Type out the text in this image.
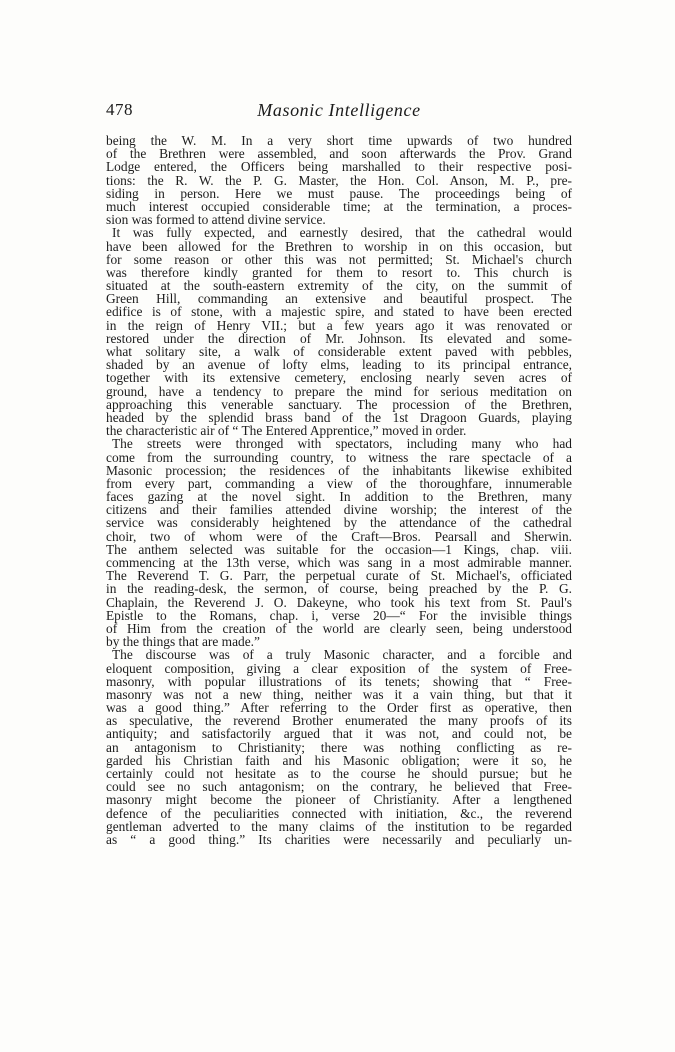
478	Masonic Intelligence
being the W. M. In a very short time upwards of two hundred
of the Brethren were assembled, and soon afterwards the Prov. Grand
Lodge entered, the Officers being marshalled to their respective posi-
tions: the R. W. the P. G. Master, the Hon. Col. Anson, M. P., pre-
siding in person. Here we must pause. The proceedings being of
much interest occupied considerable time; at the termination, a proces-
sion was formed to attend divine service.
It was fully expected, and earnestly desired, that the cathedral would
have been allowed for the Brethren to worship in on this occasion, but
for some reason or other this was not permitted; St. Michael's church
was therefore kindly granted for them to resort to. This church is
situated at the south-eastern extremity of the city, on the summit of
Green Hill, commanding an extensive and beautiful prospect. The
edifice is of stone, with a majestic spire, and stated to have been erected
in the reign of Henry VII.; but a few years ago it was renovated or
restored under the direction of Mr. Johnson. Its elevated and some-
what solitary site, a walk of considerable extent paved with pebbles,
shaded by an avenue of lofty elms, leading to its principal entrance,
together with its extensive cemetery, enclosing nearly seven acres of
ground, have a tendency to prepare the mind for serious meditation on
approaching this venerable sanctuary. The procession of the Brethren,
headed by the splendid brass band of the 1st Dragoon Guards, playing
the characteristic air of “ The Entered Apprentice,” moved in order.
The streets were thronged with spectators, including many who had
come from the surrounding country, to witness the rare spectacle of a
Masonic procession; the residences of the inhabitants likewise exhibited
from every part, commanding a view of the thoroughfare, innumerable
faces gazing at the novel sight. In addition to the Brethren, many
citizens and their families attended divine worship; the interest of the
service was considerably heightened by the attendance of the cathedral
choir, two of whom were of the Craft—Bros. Pearsall and Sherwin.
The anthem selected was suitable for the occasion—1 Kings, chap. viii.
commencing at the 13th verse, which was sang in a most admirable manner.
The Reverend T. G. Parr, the perpetual curate of St. Michael's, officiated
in the reading-desk, the sermon, of course, being preached by the P. G.
Chaplain, the Reverend J. O. Dakeyne, who took his text from St. Paul's
Epistle to the Romans, chap. i, verse 20—“ For the invisible things
of Him from the creation of the world are clearly seen, being understood
by the things that are made.”
The discourse was of a truly Masonic character, and a forcible and
eloquent composition, giving a clear exposition of the system of Free-
masonry, with popular illustrations of its tenets; showing that “ Free-
masonry was not a new thing, neither was it a vain thing, but that it
was a good thing.” After referring to the Order first as operative, then
as speculative, the reverend Brother enumerated the many proofs of its
antiquity; and satisfactorily argued that it was not, and could not, be
an antagonism to Christianity; there was nothing conflicting as re-
garded his Christian faith and his Masonic obligation; were it so, he
certainly could not hesitate as to the course he should pursue; but he
could see no such antagonism; on the contrary, he believed that Free-
masonry might become the pioneer of Christianity. After a lengthened
defence of the peculiarities connected with initiation, &c., the reverend
gentleman adverted to the many claims of the institution to be regarded
as “ a good thing.” Its charities were necessarily and peculiarly un-
